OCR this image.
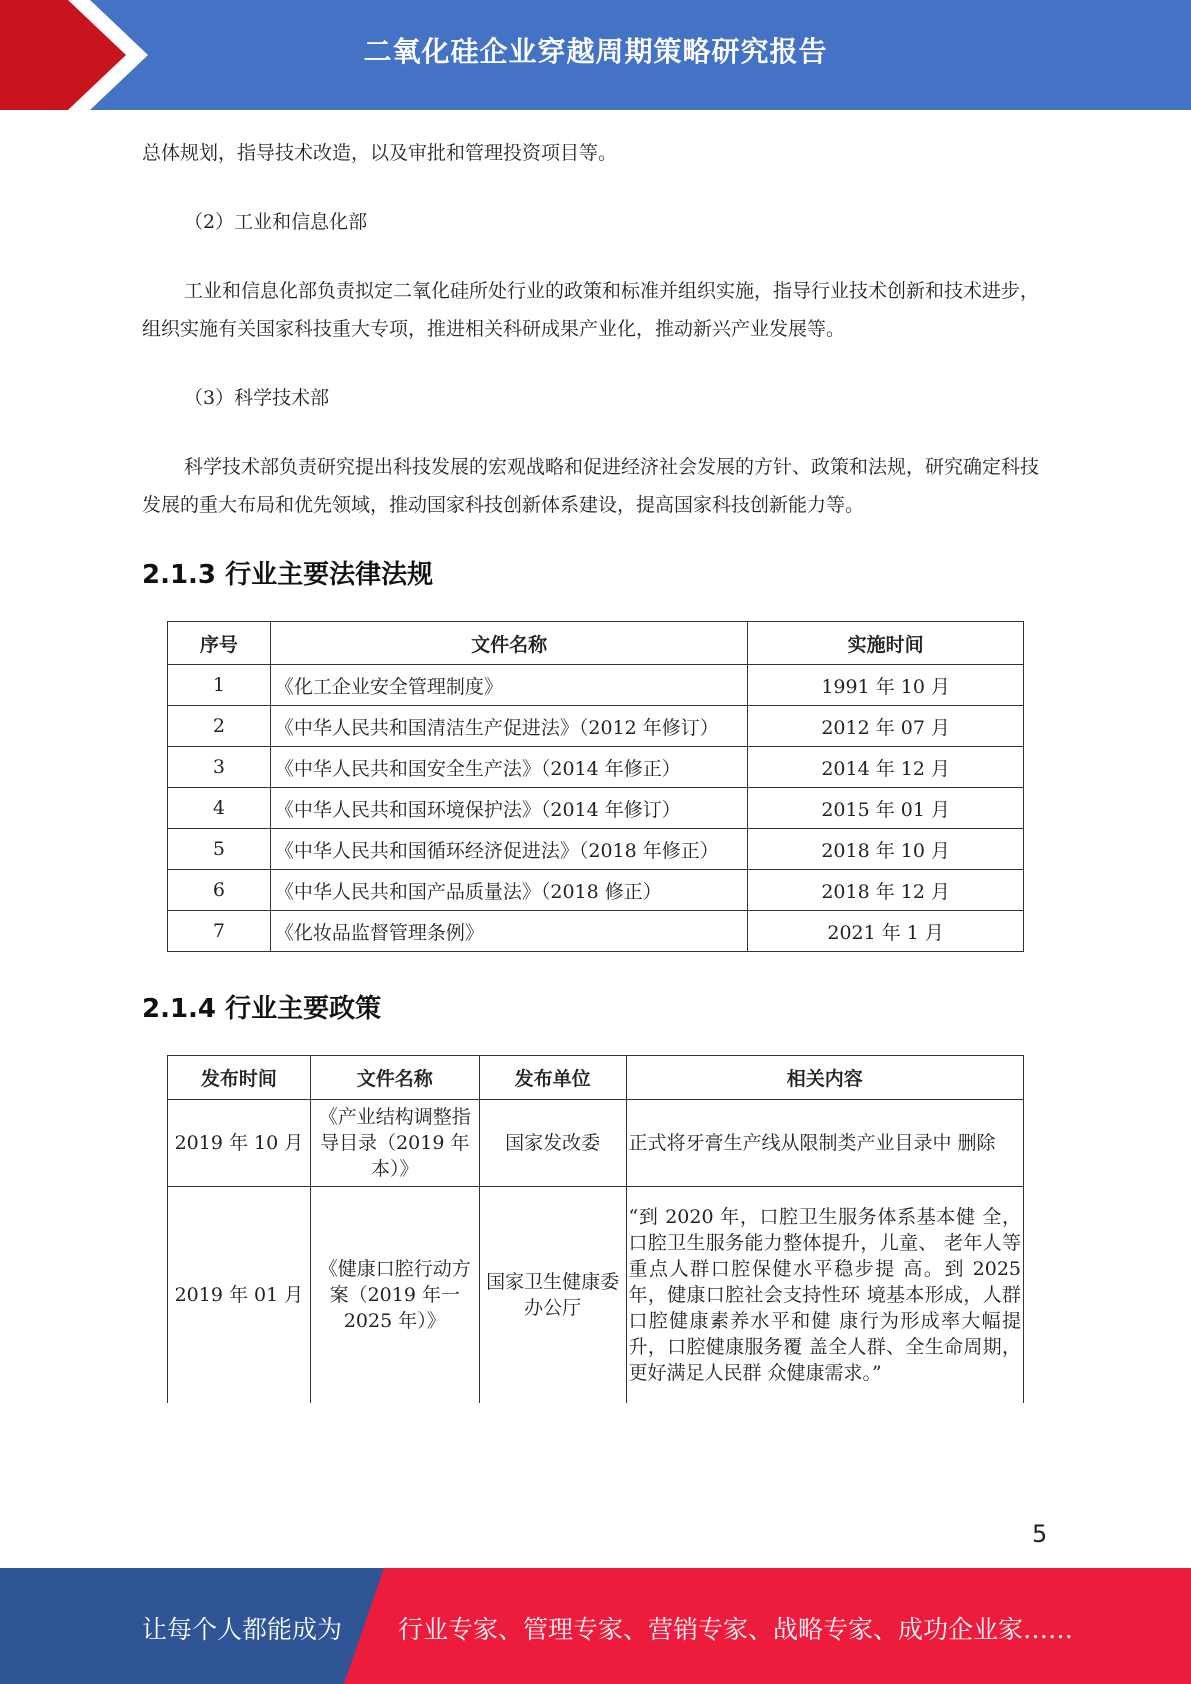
二氧化硅企业穿越周期策略研究报告
总体规划，指导技术改造，以及审批和管理投资项目等。
（2）工业和信息化部
工业和信息化部负责拟定二氧化硅所处行业的政策和标准并组织实施，指导行业技术创新和技术进步，组织实施有关国家科技重大专项，推进相关科研成果产业化，推动新兴产业发展等。
（3）科学技术部
科学技术部负责研究提出科技发展的宏观战略和促进经济社会发展的方针、政策和法规，研究确定科技发展的重大布局和优先领域，推动国家科技创新体系建设，提高国家科技创新能力等。
2.1.3 行业主要法律法规
序号	文件名称	实施时间
1	《化工企业安全管理制度》	1991 年 10 月
2	《中华人民共和国清洁生产促进法》（2012 年修订）	2012 年 07 月
3	《中华人民共和国安全生产法》（2014 年修正）	2014 年 12 月
4	《中华人民共和国环境保护法》（2014 年修订）	2015 年 01 月
5	《中华人民共和国循环经济促进法》（2018 年修正）	2018 年 10 月
6	《中华人民共和国产品质量法》（2018 修正）	2018 年 12 月
7	《化妆品监督管理条例》	2021 年 1 月
2.1.4 行业主要政策
发布时间	文件名称	发布单位	相关内容
2019 年 10 月	《产业结构调整指导目录（2019 年本）》	国家发改委	正式将牙膏生产线从限制类产业目录中 删除
2019 年 01 月	《健康口腔行动方案（2019 年一 2025 年）》	国家卫生健康委办公厅	“到 2020 年，口腔卫生服务体系基本健 全，口腔卫生服务能力整体提升，儿童、 老年人等重点人群口腔保健水平稳步提 高。到 2025 年，健康口腔社会支持性环 境基本形成，人群口腔健康素养水平和健 康行为形成率大幅提升，口腔健康服务覆 盖全人群、全生命周期，更好满足人民群 众健康需求。”
5
让每个人都能成为 行业专家、管理专家、营销专家、战略专家、成功企业家……
